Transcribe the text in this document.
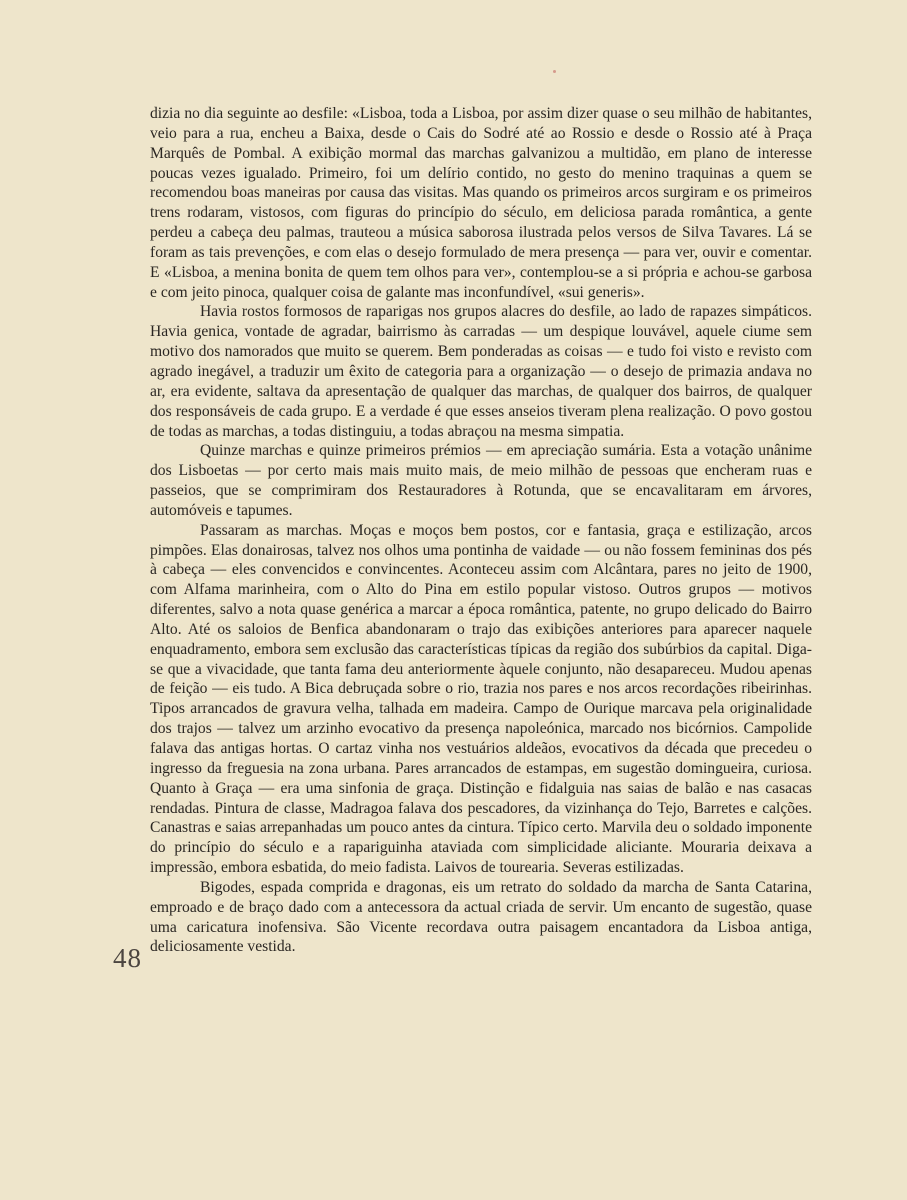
dizia no dia seguinte ao desfile: «Lisboa, toda a Lisboa, por assim dizer quase o seu milhão de habitantes, veio para a rua, encheu a Baixa, desde o Cais do Sodré até ao Rossio e desde o Rossio até à Praça Marquês de Pombal. A exibição mormal das marchas galvanizou a multidão, em plano de interesse poucas vezes igualado. Primeiro, foi um delírio contido, no gesto do menino traquinas a quem se recomendou boas maneiras por causa das visitas. Mas quando os primeiros arcos surgiram e os primeiros trens rodaram, vistosos, com figuras do princípio do século, em deliciosa parada romântica, a gente perdeu a cabeça deu palmas, trauteou a música saborosa ilustrada pelos versos de Silva Tavares. Lá se foram as tais prevenções, e com elas o desejo formulado de mera presença — para ver, ouvir e comentar. E «Lisboa, a menina bonita de quem tem olhos para ver», contemplou-se a si própria e achou-se garbosa e com jeito pinoca, qualquer coisa de galante mas inconfundível, «sui generis».

Havia rostos formosos de raparigas nos grupos alacres do desfile, ao lado de rapazes simpáticos. Havia genica, vontade de agradar, bairrismo às carradas — um despique louvável, aquele ciume sem motivo dos namorados que muito se querem. Bem ponderadas as coisas — e tudo foi visto e revisto com agrado inegável, a traduzir um êxito de categoria para a organização — o desejo de primazia andava no ar, era evidente, saltava da apresentação de qualquer das marchas, de qualquer dos bairros, de qualquer dos responsáveis de cada grupo. E a verdade é que esses anseios tiveram plena realização. O povo gostou de todas as marchas, a todas distinguiu, a todas abraçou na mesma simpatia.

Quinze marchas e quinze primeiros prémios — em apreciação sumária. Esta a votação unânime dos Lisboetas — por certo mais mais muito mais, de meio milhão de pessoas que encheram ruas e passeios, que se comprimiram dos Restauradores à Rotunda, que se encavalitaram em árvores, automóveis e tapumes.

Passaram as marchas. Moças e moços bem postos, cor e fantasia, graça e estilização, arcos pimpões. Elas donairosas, talvez nos olhos uma pontinha de vaidade — ou não fossem femininas dos pés à cabeça — eles convencidos e convincentes. Aconteceu assim com Alcântara, pares no jeito de 1900, com Alfama marinheira, com o Alto do Pina em estilo popular vistoso. Outros grupos — motivos diferentes, salvo a nota quase genérica a marcar a época romântica, patente, no grupo delicado do Bairro Alto. Até os saloios de Benfica abandonaram o trajo das exibições anteriores para aparecer naquele enquadramento, embora sem exclusão das características típicas da região dos subúrbios da capital. Diga-se que a vivacidade, que tanta fama deu anteriormente àquele conjunto, não desapareceu. Mudou apenas de feição — eis tudo. A Bica debruçada sobre o rio, trazia nos pares e nos arcos recordações ribeirinhas. Tipos arrancados de gravura velha, talhada em madeira. Campo de Ourique marcava pela originalidade dos trajos — talvez um arzinho evocativo da presença napoleónica, marcado nos bicórnios. Campolide falava das antigas hortas. O cartaz vinha nos vestuários aldeãos, evocativos da década que precedeu o ingresso da freguesia na zona urbana. Pares arrancados de estampas, em sugestão domingueira, curiosa. Quanto à Graça — era uma sinfonia de graça. Distinção e fidalguia nas saias de balão e nas casacas rendadas. Pintura de classe, Madragoa falava dos pescadores, da vizinhança do Tejo, Barretes e calções. Canastras e saias arrepanhadas um pouco antes da cintura. Típico certo. Marvila deu o soldado imponente do princípio do século e a rapariguinha ataviada com simplicidade aliciante. Mouraria deixava a impressão, embora esbatida, do meio fadista. Laivos de tourearia. Severas estilizadas.

Bigodes, espada comprida e dragonas, eis um retrato do soldado da marcha de Santa Catarina, emproado e de braço dado com a antecessora da actual criada de servir. Um encanto de sugestão, quase uma caricatura inofensiva. São Vicente recordava outra paisagem encantadora da Lisboa antiga, deliciosamente vestida.

48
